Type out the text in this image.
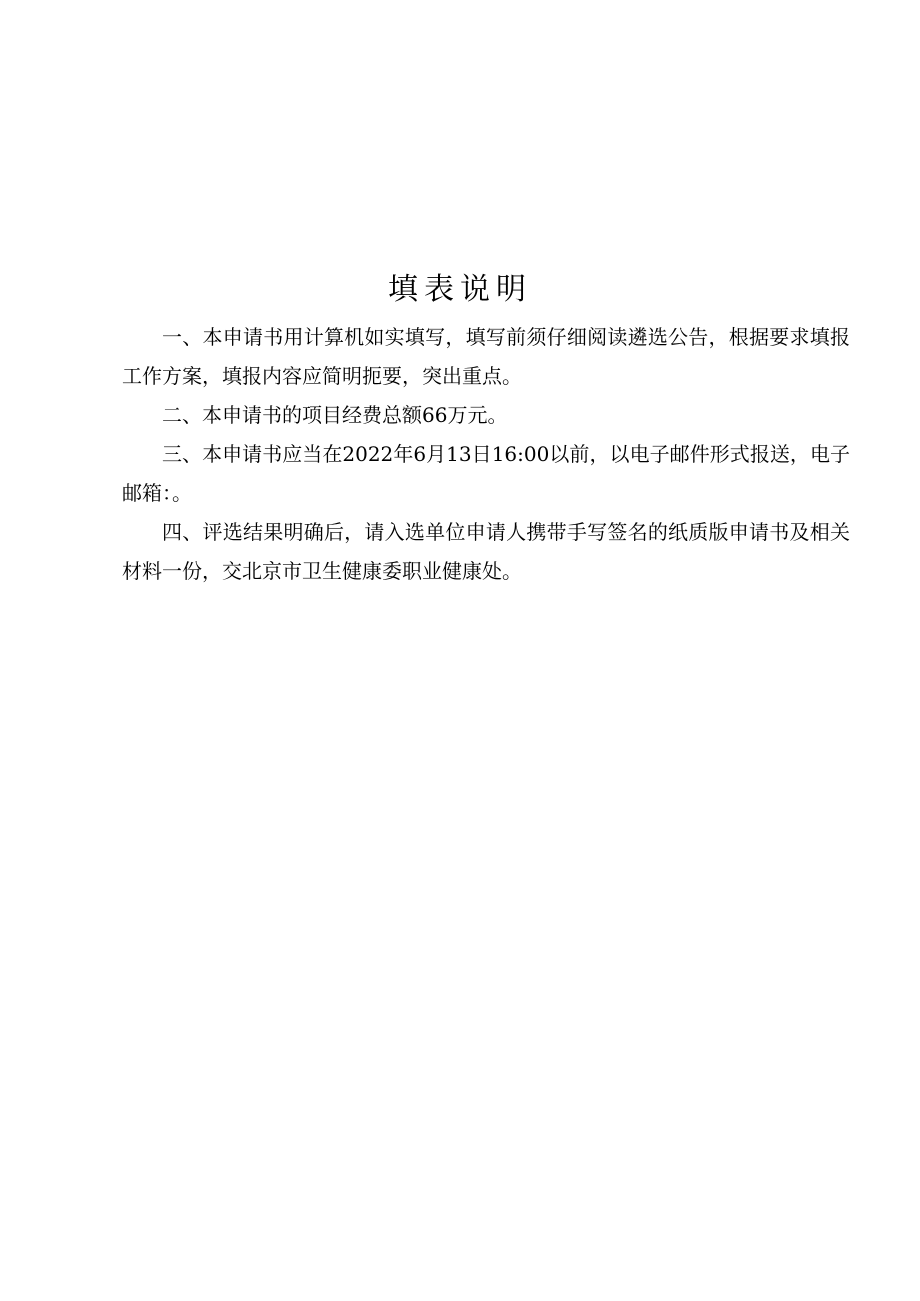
填表说明

一、本申请书用计算机如实填写，填写前须仔细阅读遴选公告，根据要求填报工作方案，填报内容应简明扼要，突出重点。

二、本申请书的项目经费总额66万元。

三、本申请书应当在2022年6月13日16:00以前，以电子邮件形式报送，电子邮箱：。

四、评选结果明确后，请入选单位申请人携带手写签名的纸质版申请书及相关材料一份，交北京市卫生健康委职业健康处。
